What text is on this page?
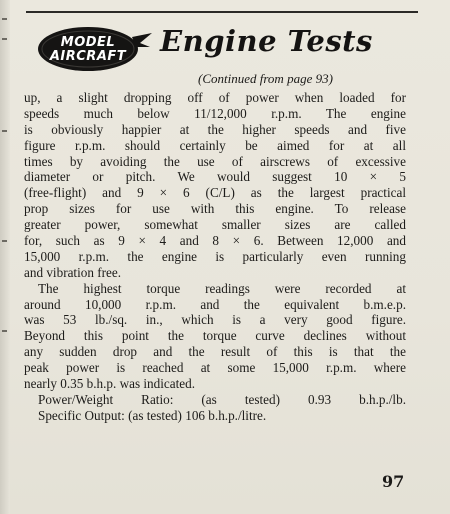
MODEL
AIRCRAFT	Engine Tests
(Continued from page 93)
up, a slight dropping off of power when loaded for
speeds much below 11/12,000 r.p.m. The engine
is obviously happier at the higher speeds and five
figure r.p.m. should certainly be aimed for at all
times by avoiding the use of airscrews of excessive
diameter or pitch. We would suggest 10 × 5
(free-flight) and 9 × 6 (C/L) as the largest practical
prop sizes for use with this engine. To release
greater power, somewhat smaller sizes are called
for, such as 9 × 4 and 8 × 6. Between 12,000 and
15,000 r.p.m. the engine is particularly even running
and vibration free.
The highest torque readings were recorded at
around 10,000 r.p.m. and the equivalent b.m.e.p.
was 53 lb./sq. in., which is a very good figure.
Beyond this point the torque curve declines without
any sudden drop and the result of this is that the
peak power is reached at some 15,000 r.p.m. where
nearly 0.35 b.h.p. was indicated.
Power/Weight Ratio: (as tested) 0.93 b.h.p./lb.
Specific Output: (as tested) 106 b.h.p./litre.
97
